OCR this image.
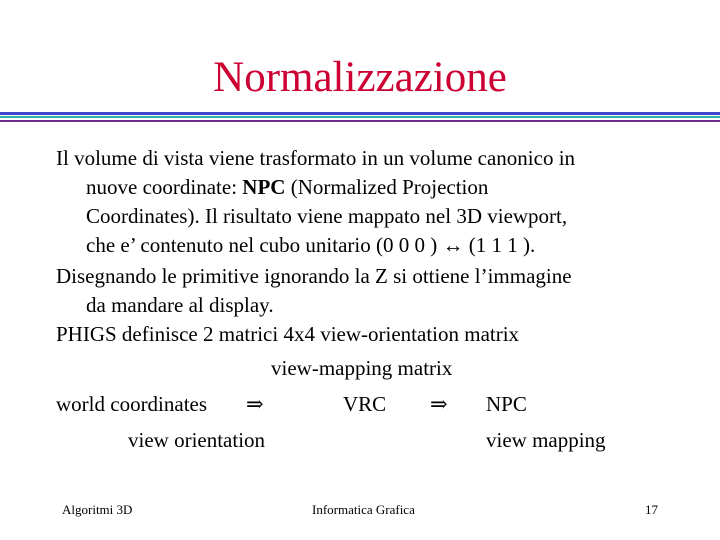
Normalizzazione
Il volume di vista viene trasformato in un volume canonico in
nuove coordinate: NPC (Normalized Projection
Coordinates). Il risultato viene mappato nel 3D viewport,
che e’ contenuto nel cubo unitario (0 0 0 ) ↔ (1 1 1 ).
Disegnando le primitive ignorando la Z si ottiene l’immagine
da mandare al display.
PHIGS definisce 2 matrici 4x4 view-orientation matrix
view-mapping matrix
world coordinates ⇒	VRC ⇒ NPC
view orientation	view mapping
Algoritmi 3D	Informatica Grafica	17
